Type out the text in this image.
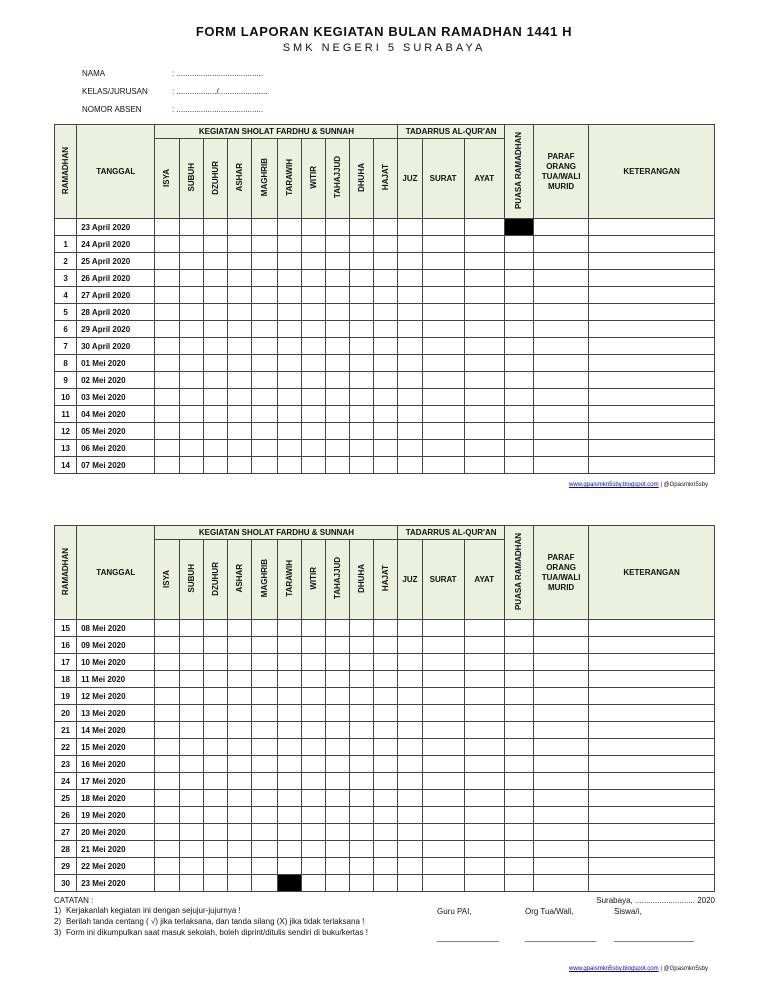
FORM LAPORAN KEGIATAN BULAN RAMADHAN 1441 H
SMK NEGERI 5 SURABAYA
NAMA	: .......................................
KELAS/JURUSAN	: ................../......................
NOMOR ABSEN	: .......................................
RAMADHAN	TANGGAL	KEGIATAN SHOLAT FARDHU & SUNNAH										TADARRUS AL-QUR'AN			PUASA RAMADHAN	PARAF ORANG TUA/WALI MURID	KETERANGAN
		ISYA	SUBUH	DZUHUR	ASHAR	MAGHRIB	TARAWIH	WITIR	TAHAJJUD	DHUHA	HAJAT	JUZ	SURAT	AYAT			
	23 April 2020																
1	24 April 2020																
2	25 April 2020																
3	26 April 2020																
4	27 April 2020																
5	28 April 2020																
6	29 April 2020																
7	30 April 2020																
8	01 Mei 2020																
9	02 Mei 2020																
10	03 Mei 2020																
11	04 Mei 2020																
12	05 Mei 2020																
13	06 Mei 2020																
14	07 Mei 2020																
www.gpaismkn5sby.blogspot.com | @Gpasmkn5sby
RAMADHAN	TANGGAL	KEGIATAN SHOLAT FARDHU & SUNNAH										TADARRUS AL-QUR'AN			PUASA RAMADHAN	PARAF ORANG TUA/WALI MURID	KETERANGAN
		ISYA	SUBUH	DZUHUR	ASHAR	MAGHRIB	TARAWIH	WITIR	TAHAJJUD	DHUHA	HAJAT	JUZ	SURAT	AYAT			
15	08 Mei 2020																
16	09 Mei 2020																
17	10 Mei 2020																
18	11 Mei 2020																
19	12 Mei 2020																
20	13 Mei 2020																
21	14 Mei 2020																
22	15 Mei 2020																
23	16 Mei 2020																
24	17 Mei 2020																
25	18 Mei 2020																
26	19 Mei 2020																
27	20 Mei 2020																
28	21 Mei 2020																
29	22 Mei 2020																
30	23 Mei 2020																
CATATAN :	Surabaya, ........................... 2020
1) Kerjakanlah kegiatan ini dengan sejujur-jujurnya !
2) Berilah tanda centang ( √) jika terlaksana, dan tanda silang (X) jika tidak terlaksana !
3) Form ini dikumpulkan saat masuk sekolah, boleh diprint/ditulis sendiri di buku/kertas !
Guru PAI,	Org Tua/Wali,	Siswa/i,
______________	________________ __________________
www.gpaismkn5sby.blogspot.com | @Gpasmkn5sby
